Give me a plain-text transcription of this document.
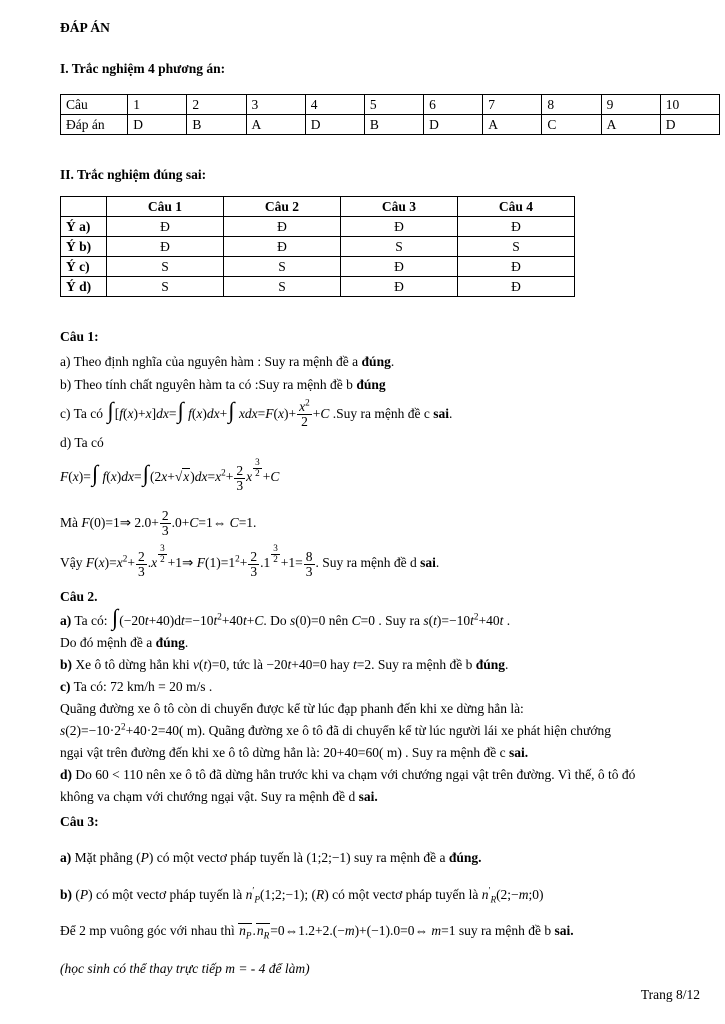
ĐÁP ÁN
I. Trắc nghiệm 4 phương án:
Câu	1	2	3	4	5	6	7	8	9	10
Đáp án	D	B	A	D	B	D	A	C	A	D
II. Trắc nghiệm đúng sai:
	Câu 1	Câu 2	Câu 3	Câu 4
Ý a)	Đ	Đ	Đ	Đ
Ý b)	Đ	Đ	S	S
Ý c)	S	S	Đ	Đ
Ý d)	S	S	Đ	Đ
Câu 1:
a) Theo định nghĩa của nguyên hàm : Suy ra mệnh đề a đúng.
b) Theo tính chất nguyên hàm ta có :Suy ra mệnh đề b đúng
c) Ta có ∫[f(x)+x]dx=∫ f(x)dx+∫ $xdx=F(x)+ \frac{x^2}{2} +C$ .Suy ra mệnh đề c sai.
d) Ta có
F(x)=∫ $f(x)dx=\int(2x+√x)dx=x^2+ \frac{2}{3}$ x $^{\frac{3}{2}}$ +C
Mà F(0)=1⇒ $2.0+ \frac{2}{3}$ .0+C=1⇔ C=1.
Vậy $F(x)=x^2+ \frac{2}{3} .x$ $^{\frac{3}{2}}$ +1⇒ $F(1)=1^2+ \frac{2}{3} .1$ $^{\frac{3}{2}} +1= \frac{8}{3}$ . Suy ra mệnh đề d sai.
Câu 2.
a) Ta có: $\int(-20t+40)dt=-10t^2+40t+C$. Do s(0)=0 nên C=0 . Suy ra $s(t)=-10t^2+40t$ .
Do đó mệnh đề a đúng.
b) Xe ô tô dừng hẳn khi v(t)=0, tức là −20t+40=0 hay t=2. Suy ra mệnh đề b đúng.
c) Ta có: 72 km/h = 20 m/s .
Quãng đường xe ô tô còn di chuyển được kể từ lúc đạp phanh đến khi xe dừng hẳn là:
$s(2)=-10\cdot 2^2+40\cdot 2=40$( m). Quãng đường xe ô tô đã di chuyển kể từ lúc người lái xe phát hiện chướng
ngại vật trên đường đến khi xe ô tô dừng hẳn là: 20+40=60( m) . Suy ra mệnh đề c sai.
d) Do 60 < 110 nên xe ô tô đã dừng hẳn trước khi va chạm với chướng ngại vật trên đường. Vì thế, ô tô đó
không va chạm với chướng ngại vật. Suy ra mệnh đề d sai.
Câu 3:
a) Mặt phẳng (P) có một vectơ pháp tuyến là (1;2;−1) suy ra mệnh đề a đúng.
b) (P) có một vectơ pháp tuyến là $n'_P(1;2;-1)$; (R) có một vectơ pháp tuyến là $n'_R(2;-m;0)$
Để 2 mp vuông góc với nhau thì $n_P.n_R=0\Leftrightarrow 1.2+2.(-m)+(-1).0=0\Leftrightarrow$ m=1 suy ra mệnh đề b sai.
(học sinh có thể thay trực tiếp m = - 4 để làm)
Trang 8/12
